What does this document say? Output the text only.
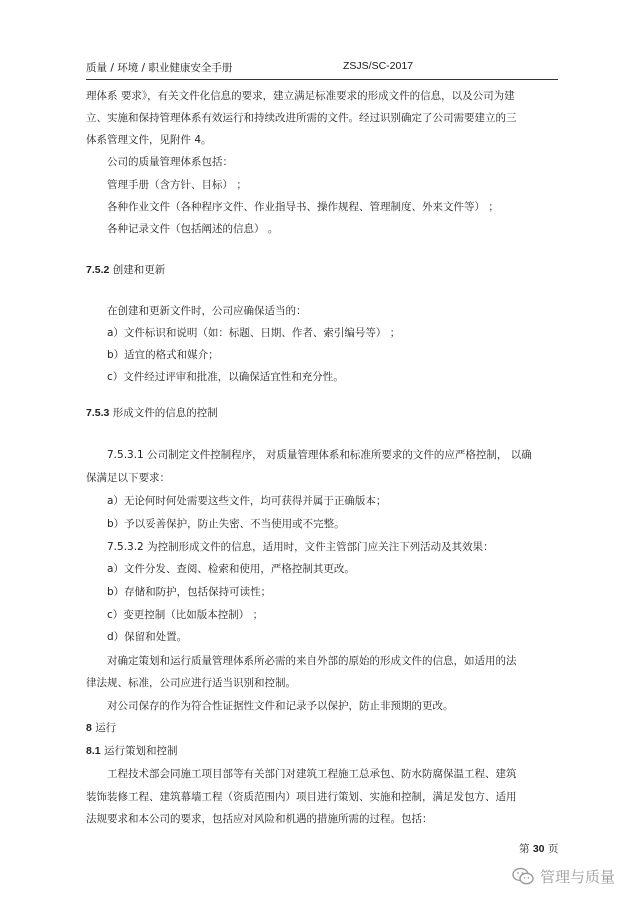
质量 / 环境 / 职业健康安全手册	ZSJS/SC-2017
理体系 要求》，有关文件化信息的要求，建立满足标准要求的形成文件的信息，以及公司为建
立、实施和保持管理体系有效运行和持续改进所需的文件。经过识别确定了公司需要建立的三
体系管理文件，见附件 4。
公司的质量管理体系包括：
管理手册（含方针、目标） ；
各种作业文件（各种程序文件、作业指导书、操作规程、管理制度、外来文件等） ；
各种记录文件（包括阐述的信息） 。
7.5.2 创建和更新
在创建和更新文件时，公司应确保适当的：
a）文件标识和说明（如：标题、日期、作者、索引编号等） ；
b）适宜的格式和媒介；
c）文件经过评审和批准，以确保适宜性和充分性。
7.5.3 形成文件的信息的控制
7.5.3.1 公司制定文件控制程序， 对质量管理体系和标准所要求的文件的应严格控制， 以确
保满足以下要求：
a）无论何时何处需要这些文件，均可获得并属于正确版本；
b）予以妥善保护，防止失密、不当使用或不完整。
7.5.3.2 为控制形成文件的信息，适用时，文件主管部门应关注下列活动及其效果：
a）文件分发、查阅、检索和使用，严格控制其更改。
b）存储和防护，包括保持可读性；
c）变更控制（比如版本控制） ；
d）保留和处置。
对确定策划和运行质量管理体系所必需的来自外部的原始的形成文件的信息，如适用的法
律法规、标准，公司应进行适当识别和控制。
对公司保存的作为符合性证据性文件和记录予以保护，防止非预期的更改。
8 运行
8.1 运行策划和控制
工程技术部会同施工项目部等有关部门对建筑工程施工总承包、防水防腐保温工程、建筑
装饰装修工程、建筑幕墙工程（资质范围内）项目进行策划、实施和控制，满足发包方、适用
法规要求和本公司的要求，包括应对风险和机遇的措施所需的过程。包括：
第 30 页
管理与质量
